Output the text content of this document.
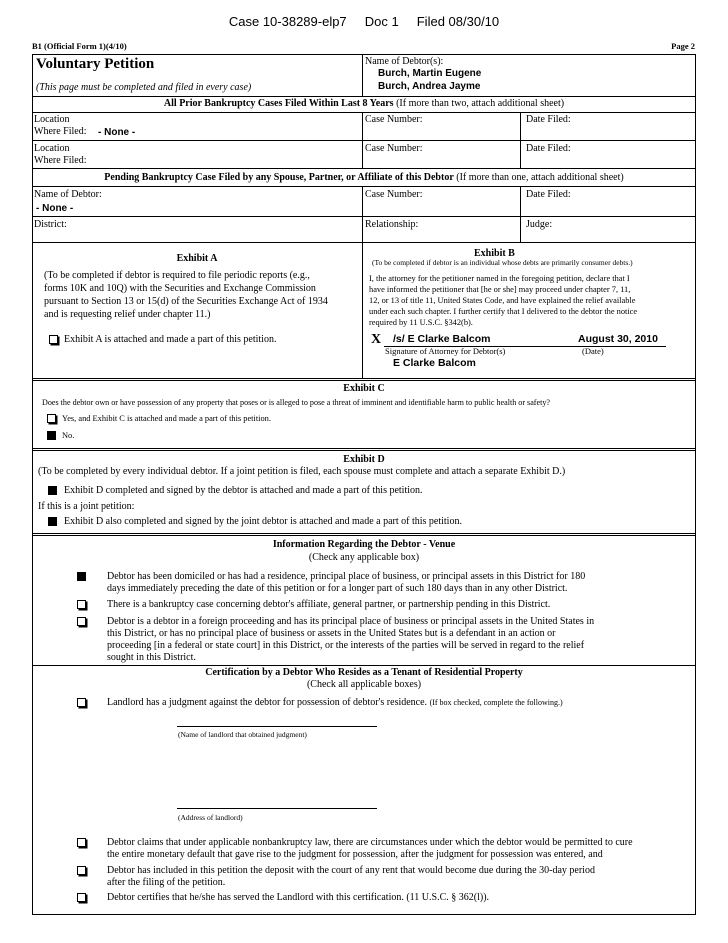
Case 10-38289-elp7     Doc 1     Filed 08/30/10
B1 (Official Form 1)(4/10)	Page 2
Voluntary Petition
(This page must be completed and filed in every case)
Name of Debtor(s):
Burch, Martin Eugene
Burch, Andrea Jayme
All Prior Bankruptcy Cases Filed Within Last 8 Years (If more than two, attach additional sheet)
Location
Where Filed: - None -
Case Number:	Date Filed:
Location
Where Filed:
Case Number:	Date Filed:
Pending Bankruptcy Case Filed by any Spouse, Partner, or Affiliate of this Debtor (If more than one, attach additional sheet)
Name of Debtor:
- None -
Case Number:	Date Filed:
District:	Relationship:	Judge:
Exhibit A
(To be completed if debtor is required to file periodic reports (e.g.,
forms 10K and 10Q) with the Securities and Exchange Commission
pursuant to Section 13 or 15(d) of the Securities Exchange Act of 1934
and is requesting relief under chapter 11.)
Exhibit A is attached and made a part of this petition.
Exhibit B
(To be completed if debtor is an individual whose debts are primarily consumer debts.)
I, the attorney for the petitioner named in the foregoing petition, declare that I
have informed the petitioner that [he or she] may proceed under chapter 7, 11,
12, or 13 of title 11, United States Code, and have explained the relief available
under each such chapter. I further certify that I delivered to the debtor the notice
required by 11 U.S.C. §342(b).
X /s/ E Clarke Balcom	August 30, 2010
Signature of Attorney for Debtor(s)	(Date)
E Clarke Balcom
Exhibit C
Does the debtor own or have possession of any property that poses or is alleged to pose a threat of imminent and identifiable harm to public health or safety?
Yes, and Exhibit C is attached and made a part of this petition.
No.
Exhibit D
(To be completed by every individual debtor. If a joint petition is filed, each spouse must complete and attach a separate Exhibit D.)
Exhibit D completed and signed by the debtor is attached and made a part of this petition.
If this is a joint petition:
Exhibit D also completed and signed by the joint debtor is attached and made a part of this petition.
Information Regarding the Debtor - Venue
(Check any applicable box)
Debtor has been domiciled or has had a residence, principal place of business, or principal assets in this District for 180
days immediately preceding the date of this petition or for a longer part of such 180 days than in any other District.
There is a bankruptcy case concerning debtor's affiliate, general partner, or partnership pending in this District.
Debtor is a debtor in a foreign proceeding and has its principal place of business or principal assets in the United States in
this District, or has no principal place of business or assets in the United States but is a defendant in an action or
proceeding [in a federal or state court] in this District, or the interests of the parties will be served in regard to the relief
sought in this District.
Certification by a Debtor Who Resides as a Tenant of Residential Property
(Check all applicable boxes)
Landlord has a judgment against the debtor for possession of debtor's residence. (If box checked, complete the following.)
(Name of landlord that obtained judgment)
(Address of landlord)
Debtor claims that under applicable nonbankruptcy law, there are circumstances under which the debtor would be permitted to cure
the entire monetary default that gave rise to the judgment for possession, after the judgment for possession was entered, and
Debtor has included in this petition the deposit with the court of any rent that would become due during the 30-day period
after the filing of the petition.
Debtor certifies that he/she has served the Landlord with this certification. (11 U.S.C. § 362(l)).
